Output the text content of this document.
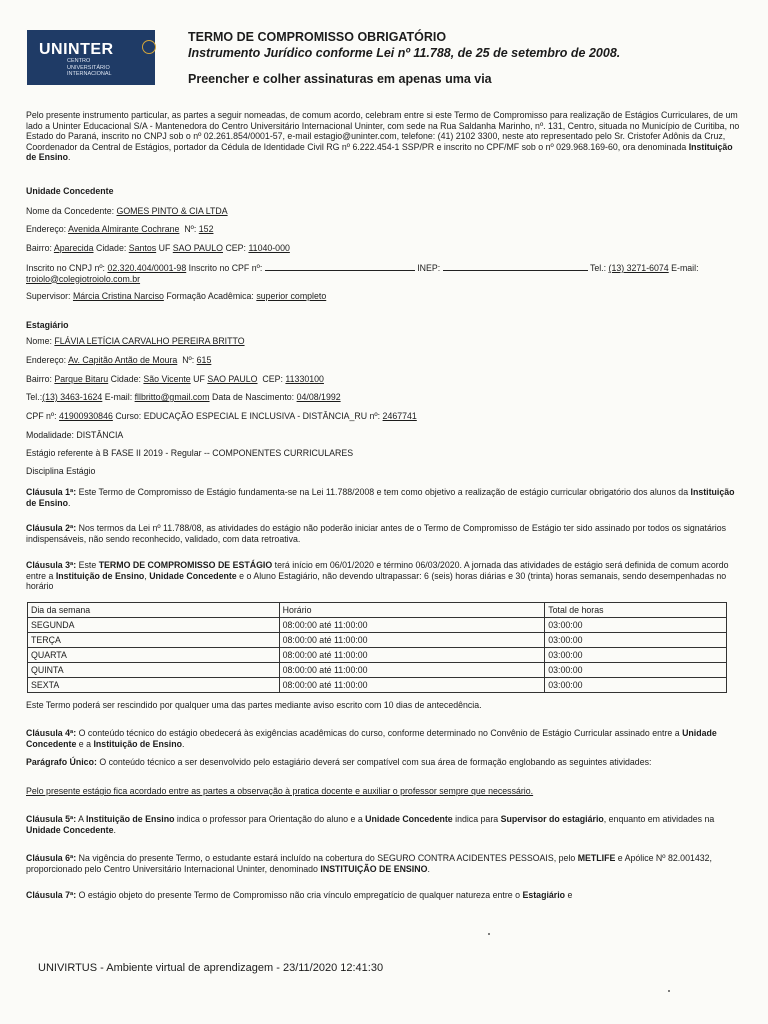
UNINTER
CENTRO
UNIVERSITÁRIO
INTERNACIONAL
TERMO DE COMPROMISSO OBRIGATÓRIO
Instrumento Jurídico conforme Lei nº 11.788, de 25 de setembro de 2008.
Preencher e colher assinaturas em apenas uma via
Pelo presente instrumento particular, as partes a seguir nomeadas, de comum acordo, celebram entre si este Termo de Compromisso para realização de Estágios Curriculares, de um lado a Uninter Educacional S/A - Mantenedora do Centro Universitário Internacional Uninter, com sede na Rua Saldanha Marinho, nº. 131, Centro, situada no Município de Curitiba, no Estado do Paraná, inscrito no CNPJ sob o nº 02.261.854/0001-57, e-mail estagio@uninter.com, telefone: (41) 2102 3300, neste ato representado pelo Sr. Cristofer Adônis da Cruz, Coordenador da Central de Estágios, portador da Cédula de Identidade Civil RG nº 6.222.454-1 SSP/PR e inscrito no CPF/MF sob o nº 029.968.169-60, ora denominada Instituição de Ensino.
Unidade Concedente
Nome da Concedente: GOMES PINTO & CIA LTDA
Endereço: Avenida Almirante Cochrane Nº: 152
Bairro: Aparecida Cidade: Santos UF SAO PAULO CEP: 11040-000
Inscrito no CNPJ nº: 02.320.404/0001-98 Inscrito no CPF nº:	INEP:	Tel.: (13) 3271-6074 E-mail: troiolo@colegiotroiolo.com.br
Supervisor: Márcia Cristina Narciso Formação Acadêmica: superior completo
Estagiário
Nome: FLÁVIA LETÍCIA CARVALHO PEREIRA BRITTO
Endereço: Av. Capitão Antão de Moura Nº: 615
Bairro: Parque Bitaru Cidade: São Vicente UF SAO PAULO CEP: 11330100
Tel.:(13) 3463-1624 E-mail: fllbritto@gmail.com Data de Nascimento: 04/08/1992
CPF nº: 41900930846 Curso: EDUCAÇÃO ESPECIAL E INCLUSIVA - DISTÂNCIA_RU nº: 2467741
Modalidade: DISTÂNCIA
Estágio referente à B FASE II 2019 - Regular -- COMPONENTES CURRICULARES
Disciplina Estágio
Cláusula 1ª: Este Termo de Compromisso de Estágio fundamenta-se na Lei 11.788/2008 e tem como objetivo a realização de estágio curricular obrigatório dos alunos da Instituição de Ensino.
Cláusula 2ª: Nos termos da Lei nº 11.788/08, as atividades do estágio não poderão iniciar antes de o Termo de Compromisso de Estágio ter sido assinado por todos os signatários indispensáveis, não sendo reconhecido, validado, com data retroativa.
Cláusula 3ª: Este TERMO DE COMPROMISSO DE ESTÁGIO terá início em 06/01/2020 e término 06/03/2020. A jornada das atividades de estágio será definida de comum acordo entre a Instituição de Ensino, Unidade Concedente e o Aluno Estagiário, não devendo ultrapassar: 6 (seis) horas diárias e 30 (trinta) horas semanais, sendo desempenhadas no horário
Dia da semana	Horário	Total de horas
SEGUNDA	08:00:00 até 11:00:00	03:00:00
TERÇA	08:00:00 até 11:00:00	03:00:00
QUARTA	08:00:00 até 11:00:00	03:00:00
QUINTA	08:00:00 até 11:00:00	03:00:00
SEXTA	08:00:00 até 11:00:00	03:00:00
Este Termo poderá ser rescindido por qualquer uma das partes mediante aviso escrito com 10 dias de antecedência.
Cláusula 4ª: O conteúdo técnico do estágio obedecerá às exigências acadêmicas do curso, conforme determinado no Convênio de Estágio Curricular assinado entre a Unidade Concedente e a Instituição de Ensino.
Parágrafo Único: O conteúdo técnico a ser desenvolvido pelo estagiário deverá ser compatível com sua área de formação englobando as seguintes atividades:
Pelo presente estágio fica acordado entre as partes a observação à pratica docente e auxiliar o professor sempre que necessário.
Cláusula 5ª: A Instituição de Ensino indica o professor para Orientação do aluno e a Unidade Concedente indica para Supervisor do estagiário, enquanto em atividades na Unidade Concedente.
Cláusula 6ª: Na vigência do presente Termo, o estudante estará incluído na cobertura do SEGURO CONTRA ACIDENTES PESSOAIS, pelo METLIFE e Apólice Nº 82.001432, proporcionado pelo Centro Universitário Internacional Uninter, denominado INSTITUIÇÃO DE ENSINO.
Cláusula 7ª: O estágio objeto do presente Termo de Compromisso não cria vínculo empregatício de qualquer natureza entre o Estagiário e
UNIVIRTUS - Ambiente virtual de aprendizagem - 23/11/2020 12:41:30
